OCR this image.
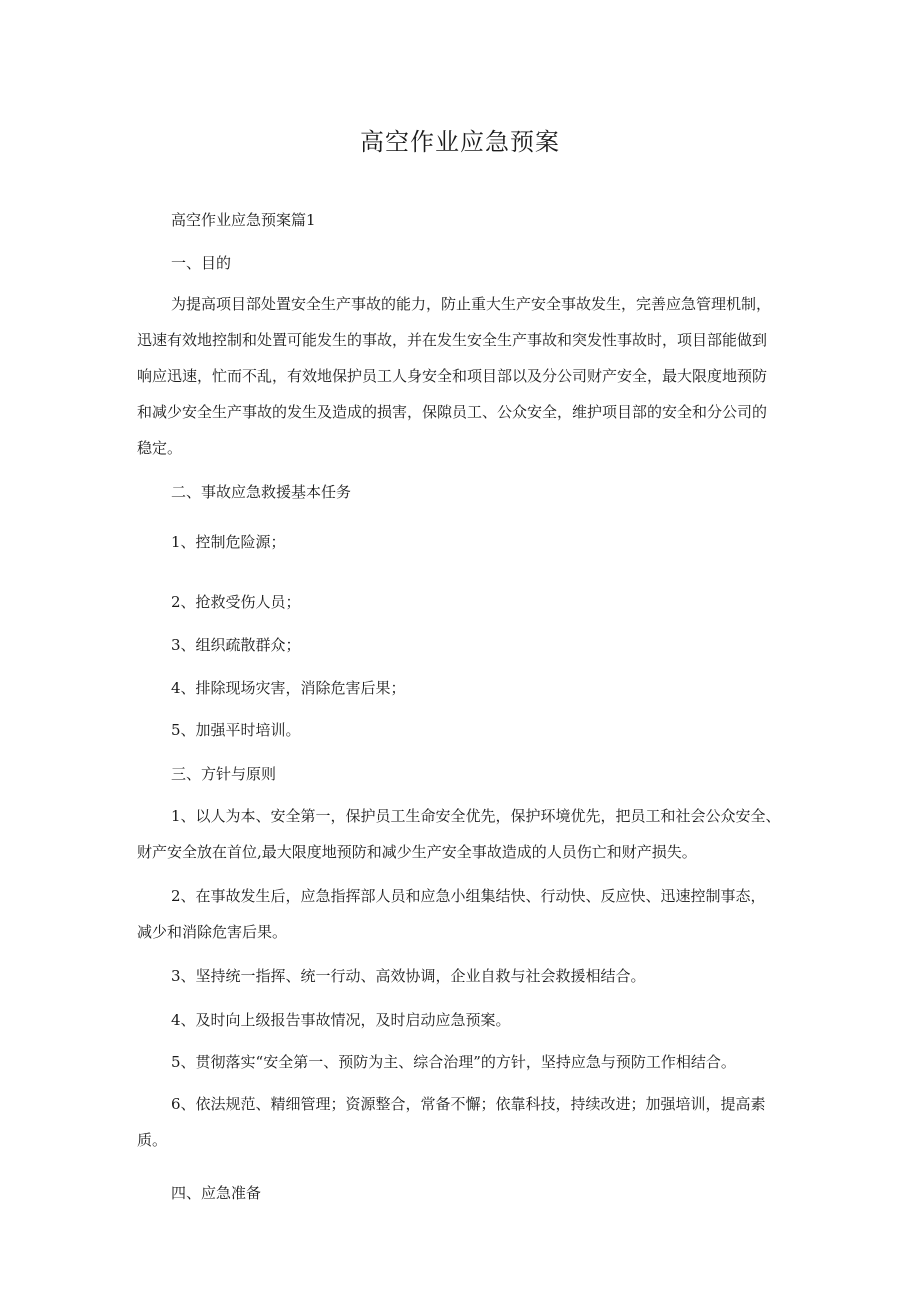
高空作业应急预案
高空作业应急预案篇1
一、目的
为提高项目部处置安全生产事故的能力，防止重大生产安全事故发生，完善应急管理机制，
迅速有效地控制和处置可能发生的事故，并在发生安全生产事故和突发性事故时，项目部能做到
响应迅速，忙而不乱，有效地保护员工人身安全和项目部以及分公司财产安全，最大限度地预防
和减少安全生产事故的发生及造成的损害，保隙员工、公众安全，维护项目部的安全和分公司的
稳定。
二、事故应急救援基本任务
1、控制危险源；
2、抢救受伤人员；
3、组织疏散群众；
4、排除现场灾害，消除危害后果；
5、加强平时培训。
三、方针与原则
1、以人为本、安全第一，保护员工生命安全优先，保护环境优先，把员工和社会公众安全、
财产安全放在首位,最大限度地预防和减少生产安全事故造成的人员伤亡和财产损失。
2、在事故发生后，应急指挥部人员和应急小组集结快、行动快、反应快、迅速控制事态，
减少和消除危害后果。
3、坚持统一指挥、统一行动、高效协调，企业自救与社会救援相结合。
4、及时向上级报告事故情况，及时启动应急预案。
5、贯彻落实“安全第一、预防为主、综合治理”的方针，坚持应急与预防工作相结合。
6、依法规范、精细管理；资源整合，常备不懈；依靠科技，持续改进；加强培训，提高素
质。
四、应急准备
